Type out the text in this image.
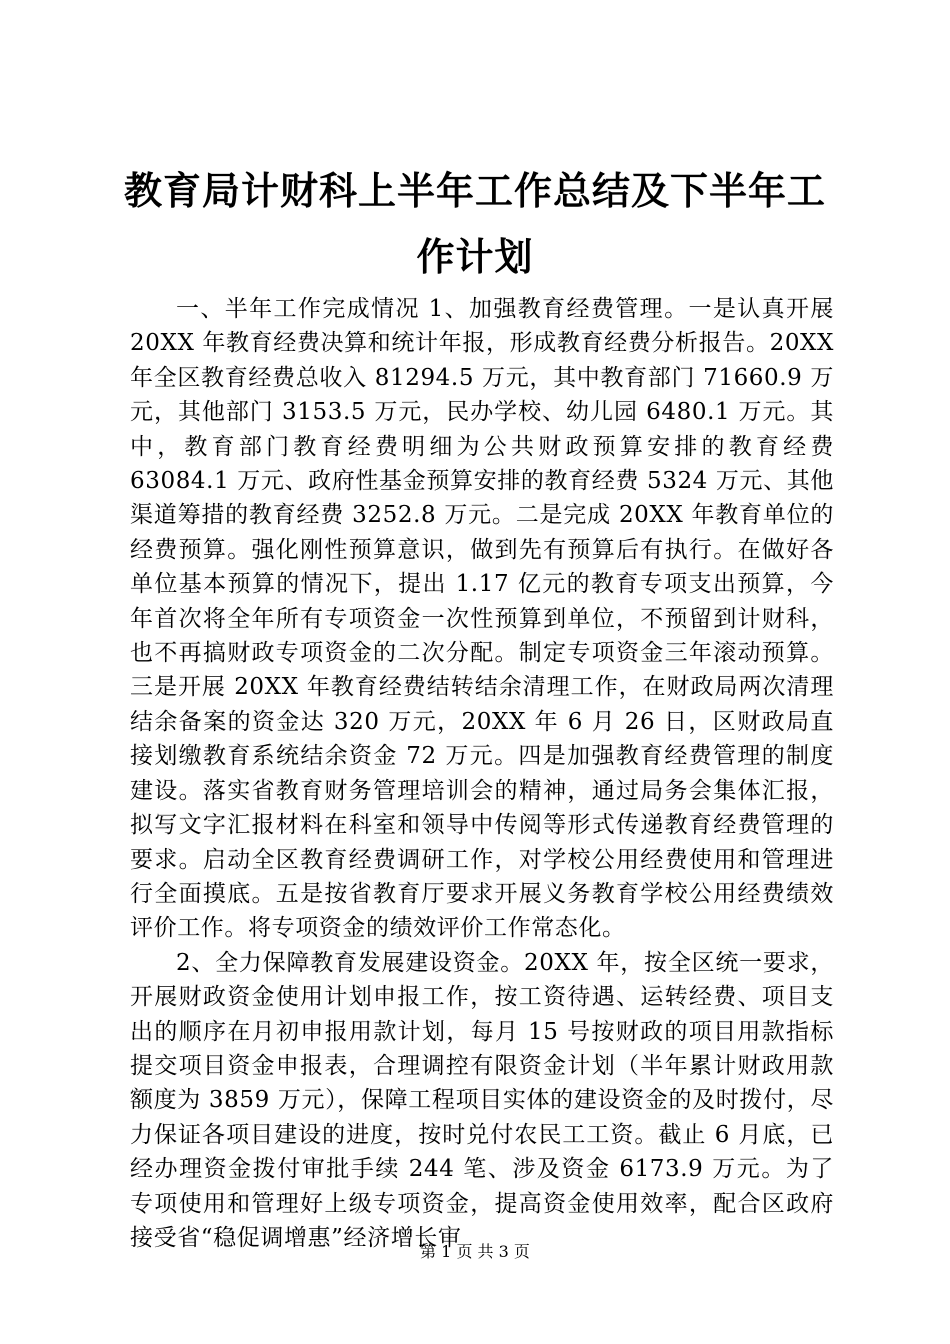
教育局计财科上半年工作总结及下半年工作计划

一、半年工作完成情况 1、加强教育经费管理。一是认真开展 20XX 年教育经费决算和统计年报，形成教育经费分析报告。20XX 年全区教育经费总收入 81294.5 万元，其中教育部门 71660.9 万元，其他部门 3153.5 万元，民办学校、幼儿园 6480.1 万元。其中，教育部门教育经费明细为公共财政预算安排的教育经费 63084.1 万元、政府性基金预算安排的教育经费 5324 万元、其他渠道筹措的教育经费 3252.8 万元。二是完成 20XX 年教育单位的经费预算。强化刚性预算意识，做到先有预算后有执行。在做好各单位基本预算的情况下，提出 1.17 亿元的教育专项支出预算，今年首次将全年所有专项资金一次性预算到单位，不预留到计财科，也不再搞财政专项资金的二次分配。制定专项资金三年滚动预算。三是开展 20XX 年教育经费结转结余清理工作，在财政局两次清理结余备案的资金达 320 万元，20XX 年 6 月 26 日，区财政局直接划缴教育系统结余资金 72 万元。四是加强教育经费管理的制度建设。落实省教育财务管理培训会的精神，通过局务会集体汇报，拟写文字汇报材料在科室和领导中传阅等形式传递教育经费管理的要求。启动全区教育经费调研工作，对学校公用经费使用和管理进行全面摸底。五是按省教育厅要求开展义务教育学校公用经费绩效评价工作。将专项资金的绩效评价工作常态化。

2、全力保障教育发展建设资金。20XX 年，按全区统一要求，开展财政资金使用计划申报工作，按工资待遇、运转经费、项目支出的顺序在月初申报用款计划，每月 15 号按财政的项目用款指标提交项目资金申报表，合理调控有限资金计划（半年累计财政用款额度为 3859 万元），保障工程项目实体的建设资金的及时拨付，尽力保证各项目建设的进度，按时兑付农民工工资。截止 6 月底，已经办理资金拨付审批手续 244 笔、涉及资金 6173.9 万元。为了专项使用和管理好上级专项资金，提高资金使用效率，配合区政府接受省“稳促调增惠”经济增长审

第 1 页 共 3 页
